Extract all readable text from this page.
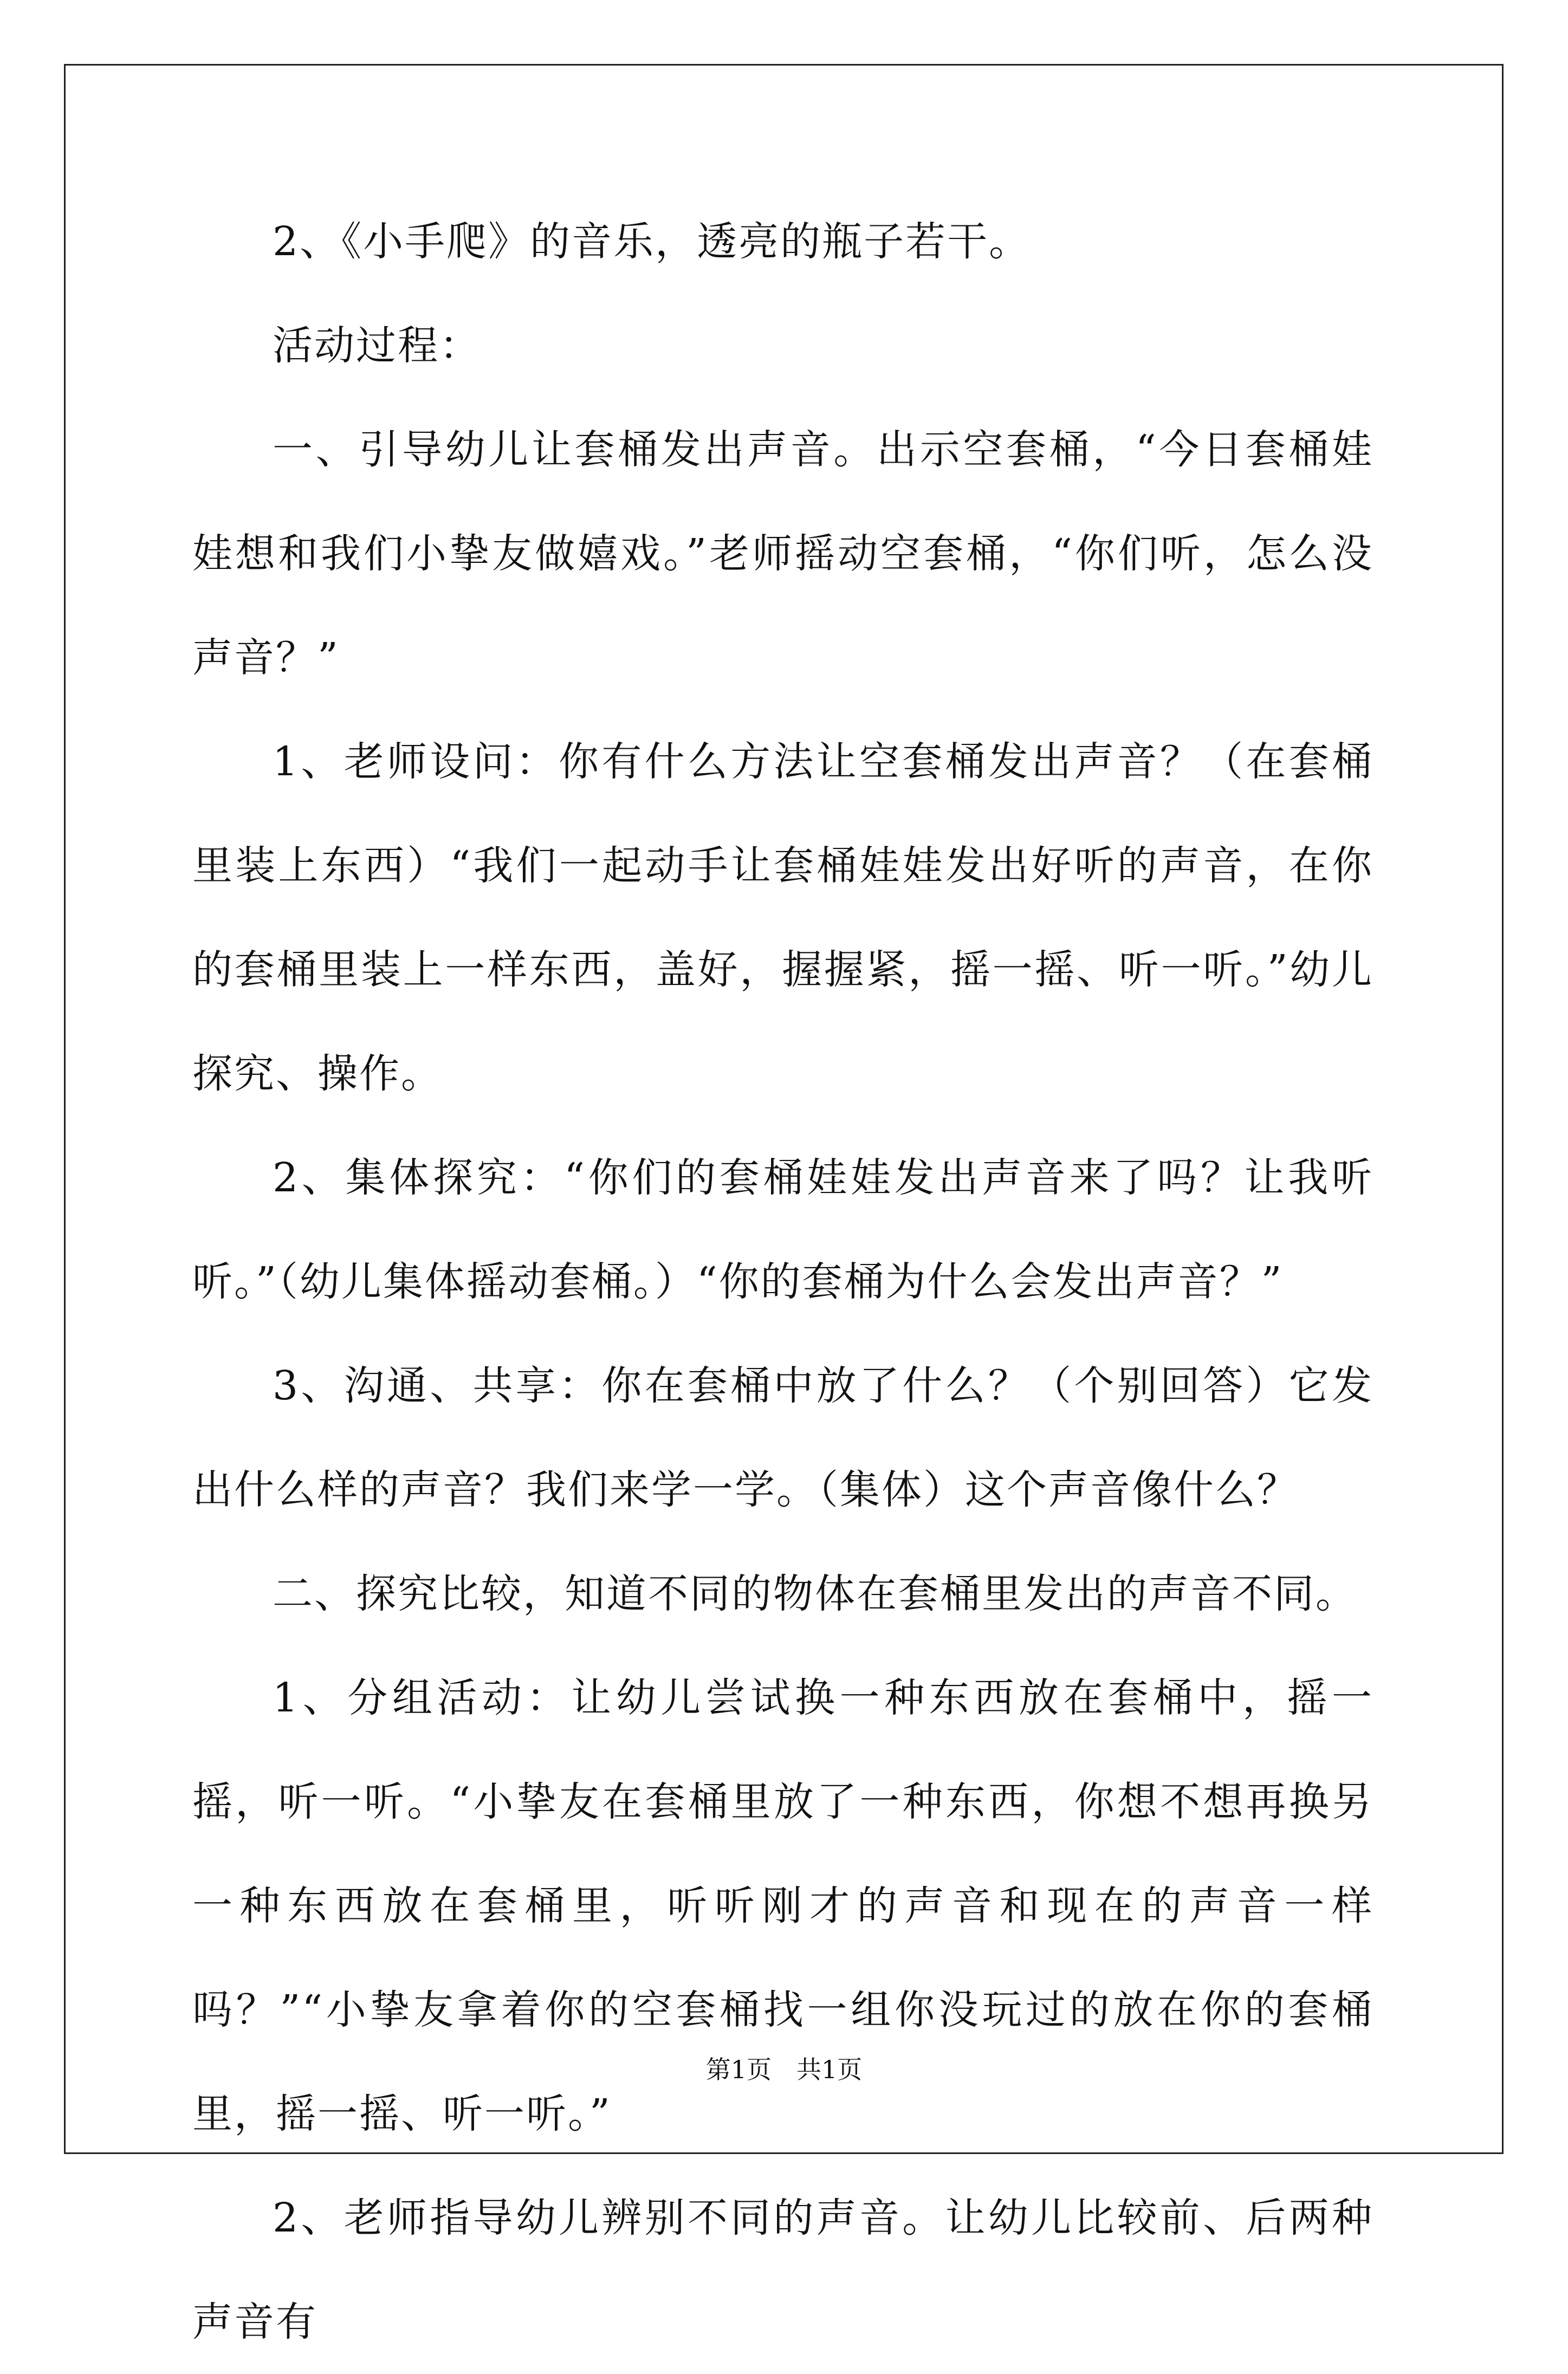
2、《小手爬》的音乐，透亮的瓶子若干。

活动过程：

一、引导幼儿让套桶发出声音。出示空套桶，“今日套桶娃娃想和我们小挚友做嬉戏。”老师摇动空套桶，“你们听，怎么没声音？”

1、老师设问：你有什么方法让空套桶发出声音？（在套桶里装上东西）“我们一起动手让套桶娃娃发出好听的声音，在你的套桶里装上一样东西，盖好，握握紧，摇一摇、听一听。”幼儿探究、操作。

2、集体探究：“你们的套桶娃娃发出声音来了吗？让我听听。”（幼儿集体摇动套桶。）“你的套桶为什么会发出声音？”

3、沟通、共享：你在套桶中放了什么？（个别回答）它发出什么样的声音？我们来学一学。（集体）这个声音像什么？

二、探究比较，知道不同的物体在套桶里发出的声音不同。

1、分组活动：让幼儿尝试换一种东西放在套桶中，摇一摇，听一听。“小挚友在套桶里放了一种东西，你想不想再换另一种东西放在套桶里，听听刚才的声音和现在的声音一样吗？”“小挚友拿着你的空套桶找一组你没玩过的放在你的套桶里，摇一摇、听一听。”

2、老师指导幼儿辨别不同的声音。让幼儿比较前、后两种声音有

第1页　共1页
